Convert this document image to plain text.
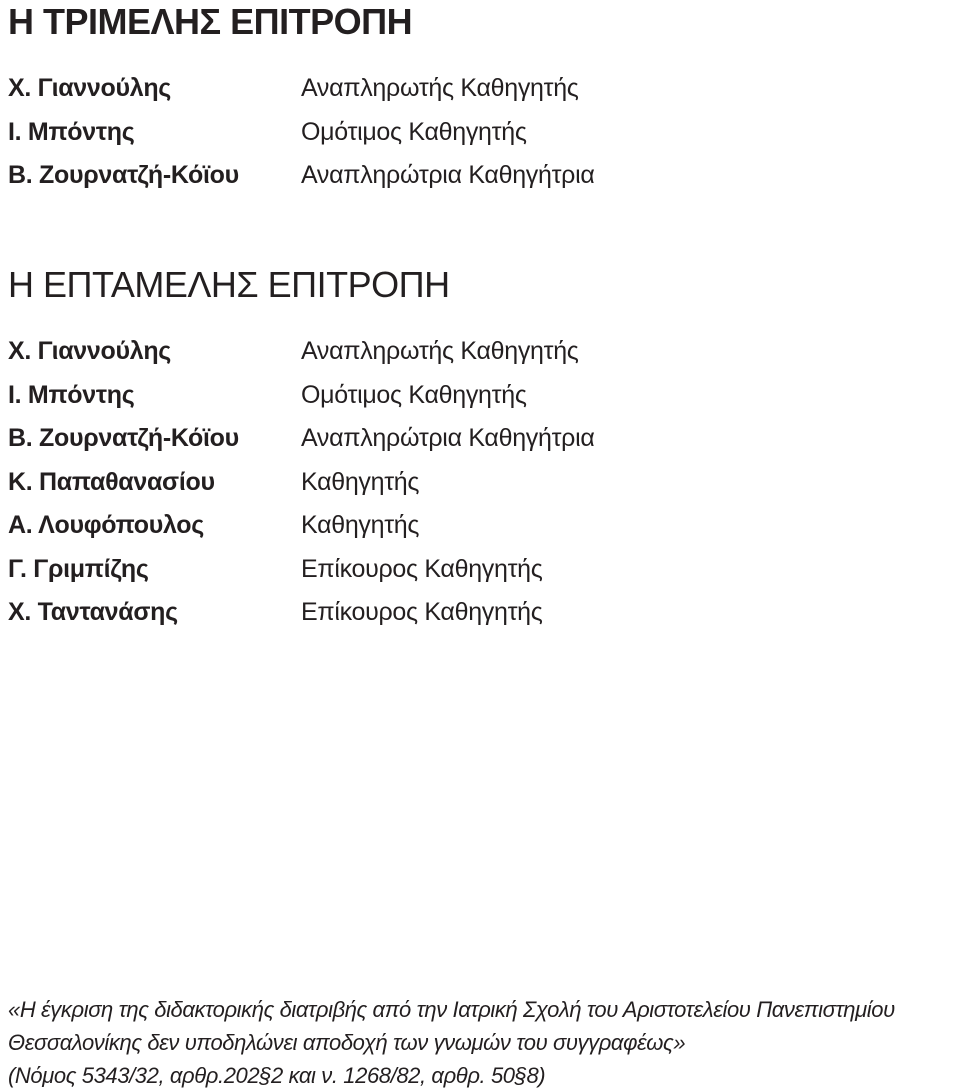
Η ΤΡΙΜΕΛΗΣ ΕΠΙΤΡΟΠΗ
Χ. Γιαννούλης	Αναπληρωτής Καθηγητής
Ι. Μπόντης	Ομότιμος Καθηγητής
Β. Ζουρνατζή-Κόϊου Αναπληρώτρια Καθηγήτρια
Η ΕΠΤΑΜΕΛΗΣ ΕΠΙΤΡΟΠΗ
Χ. Γιαννούλης	Αναπληρωτής Καθηγητής
Ι. Μπόντης	Ομότιμος Καθηγητής
Β. Ζουρνατζή-Κόϊου Αναπληρώτρια Καθηγήτρια
Κ. Παπαθανασίου	Καθηγητής
Α. Λουφόπουλος	Καθηγητής
Γ. Γριμπίζης	Επίκουρος Καθηγητής
Χ. Ταντανάσης	Επίκουρος Καθηγητής
«Η έγκριση της διδακτορικής διατριβής από την Ιατρική Σχολή του Αριστοτελείου Πανεπιστημίου
Θεσσαλονίκης δεν υποδηλώνει αποδοχή των γνωμών του συγγραφέως»
(Νόμος 5343/32, αρθρ.202§2 και ν. 1268/82, αρθρ. 50§8)
